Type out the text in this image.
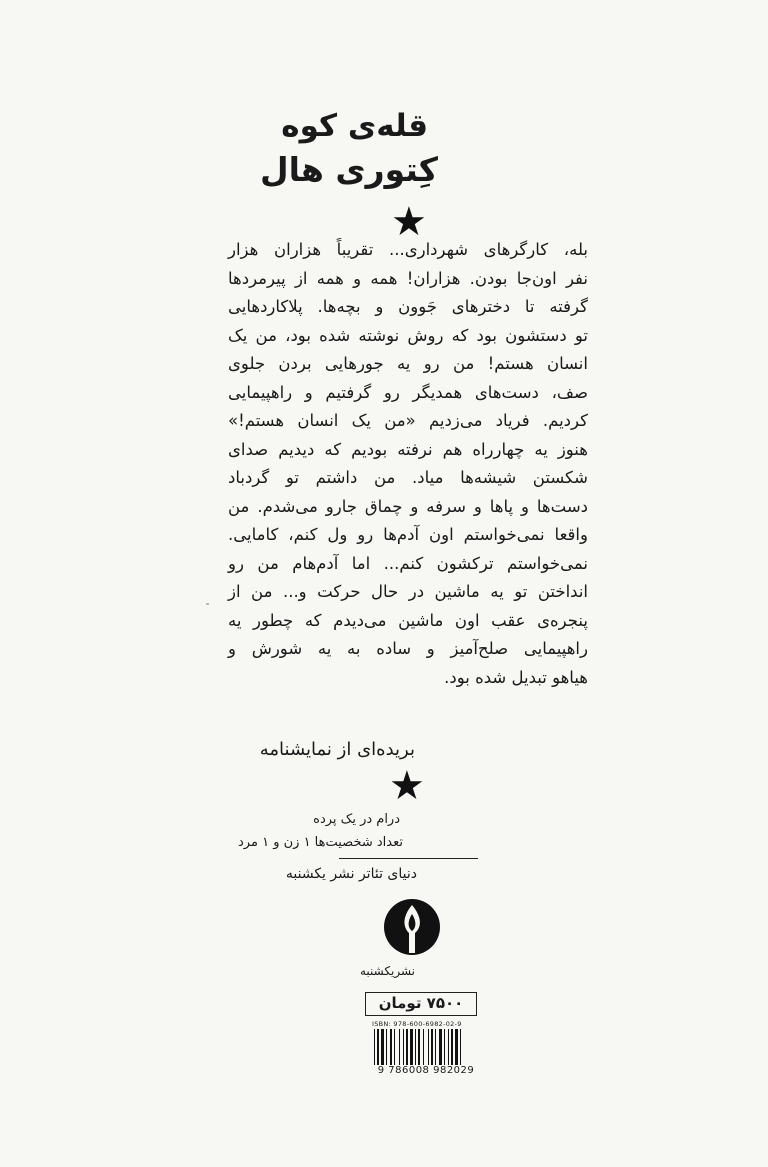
قله‌ی کوه
کِتوری هال
★
بله، کارگرهای شهرداری... تقریباً هزاران هزار
نفر اون‌جا بودن. هزاران! همه و همه از پیرمردها
گرفته تا دخترهای جَوون و بچه‌ها. پلاکاردهایی
تو دستشون بود که روش نوشته شده بود، من یک
انسان هستم! من رو یه جورهایی بردن جلوی
صف، دست‌های همدیگر رو گرفتیم و راهپیمایی
کردیم. فریاد می‌زدیم «من یک انسان هستم!»
هنوز یه چهارراه هم نرفته بودیم که دیدیم صدای
شکستن شیشه‌ها میاد. من داشتم تو گردباد
دست‌ها و پاها و سرفه و چماق جارو می‌شدم. من
واقعا نمی‌خواستم اون آدم‌ها رو ول کنم، کامایی.
نمی‌خواستم ترکشون کنم... اما آدم‌هام من رو
انداختن تو یه ماشین در حال حرکت و... من از
پنجره‌ی عقب اون ماشین می‌دیدم که چطور یه
راهپیمایی صلح‌آمیز و ساده به یه شورش و
هیاهو تبدیل شده بود.
بریده‌ای از نمایشنامه
★
درام در یک پرده
تعداد شخصیت‌ها ۱ زن و ۱ مرد
دنیای تئاتر نشر یکشنبه
نشریکشنبه
۷۵۰۰ تومان
ISBN: 978-600-6982-02-9
9 786008 982029
